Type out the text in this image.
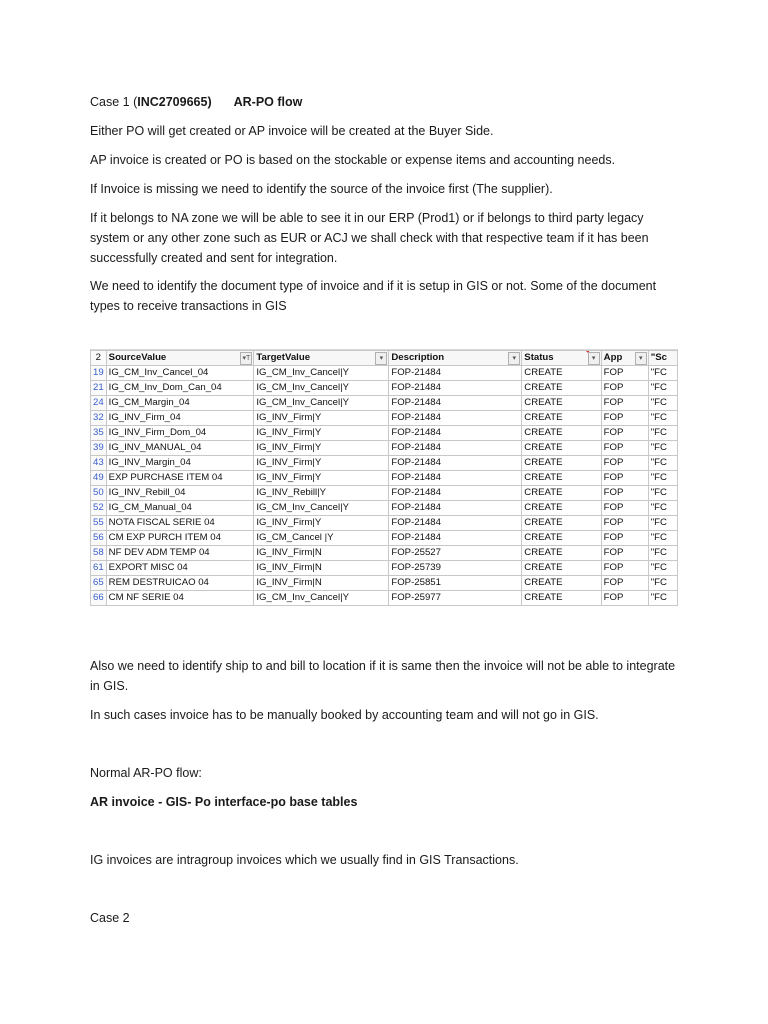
Case 1 (INC2709665) AR-PO flow

Either PO will get created or AP invoice will be created at the Buyer Side.

AP invoice is created or PO is based on the stockable or expense items and accounting needs.

If Invoice is missing we need to identify the source of the invoice first (The supplier).

If it belongs to NA zone we will be able to see it in our ERP (Prod1) or if belongs to third party legacy system or any other zone such as EUR or ACJ we shall check with that respective team if it has been successfully created and sent for integration.

We need to identify the document type of invoice and if it is setup in GIS or not. Some of the document types to receive transactions in GIS

2	SourceValue ▾T	TargetValue ▾	Description ▾	Status ▾	App ▾	"Sc
19	IG_CM_Inv_Cancel_04	IG_CM_Inv_Cancel|Y	FOP-21484	CREATE	FOP	"FC
21	IG_CM_Inv_Dom_Can_04	IG_CM_Inv_Cancel|Y	FOP-21484	CREATE	FOP	"FC
24	IG_CM_Margin_04	IG_CM_Inv_Cancel|Y	FOP-21484	CREATE	FOP	"FC
32	IG_INV_Firm_04	IG_INV_Firm|Y	FOP-21484	CREATE	FOP	"FC
35	IG_INV_Firm_Dom_04	IG_INV_Firm|Y	FOP-21484	CREATE	FOP	"FC
39	IG_INV_MANUAL_04	IG_INV_Firm|Y	FOP-21484	CREATE	FOP	"FC
43	IG_INV_Margin_04	IG_INV_Firm|Y	FOP-21484	CREATE	FOP	"FC
49	EXP PURCHASE ITEM 04	IG_INV_Firm|Y	FOP-21484	CREATE	FOP	"FC
50	IG_INV_Rebill_04	IG_INV_Rebill|Y	FOP-21484	CREATE	FOP	"FC
52	IG_CM_Manual_04	IG_CM_Inv_Cancel|Y	FOP-21484	CREATE	FOP	"FC
55	NOTA FISCAL SERIE 04	IG_INV_Firm|Y	FOP-21484	CREATE	FOP	"FC
56	CM EXP PURCH ITEM 04	IG_CM_Cancel |Y	FOP-21484	CREATE	FOP	"FC
58	NF DEV ADM TEMP 04	IG_INV_Firm|N	FOP-25527	CREATE	FOP	"FC
61	EXPORT MISC 04	IG_INV_Firm|N	FOP-25739	CREATE	FOP	"FC
65	REM DESTRUICAO 04	IG_INV_Firm|N	FOP-25851	CREATE	FOP	"FC
66	CM NF SERIE 04	IG_CM_Inv_Cancel|Y	FOP-25977	CREATE	FOP	"FC

Also we need to identify ship to and bill to location if it is same then the invoice will not be able to integrate in GIS.

In such cases invoice has to be manually booked by accounting team and will not go in GIS.

Normal AR-PO flow:

AR invoice - GIS- Po interface-po base tables

IG invoices are intragroup invoices which we usually find in GIS Transactions.

Case 2
